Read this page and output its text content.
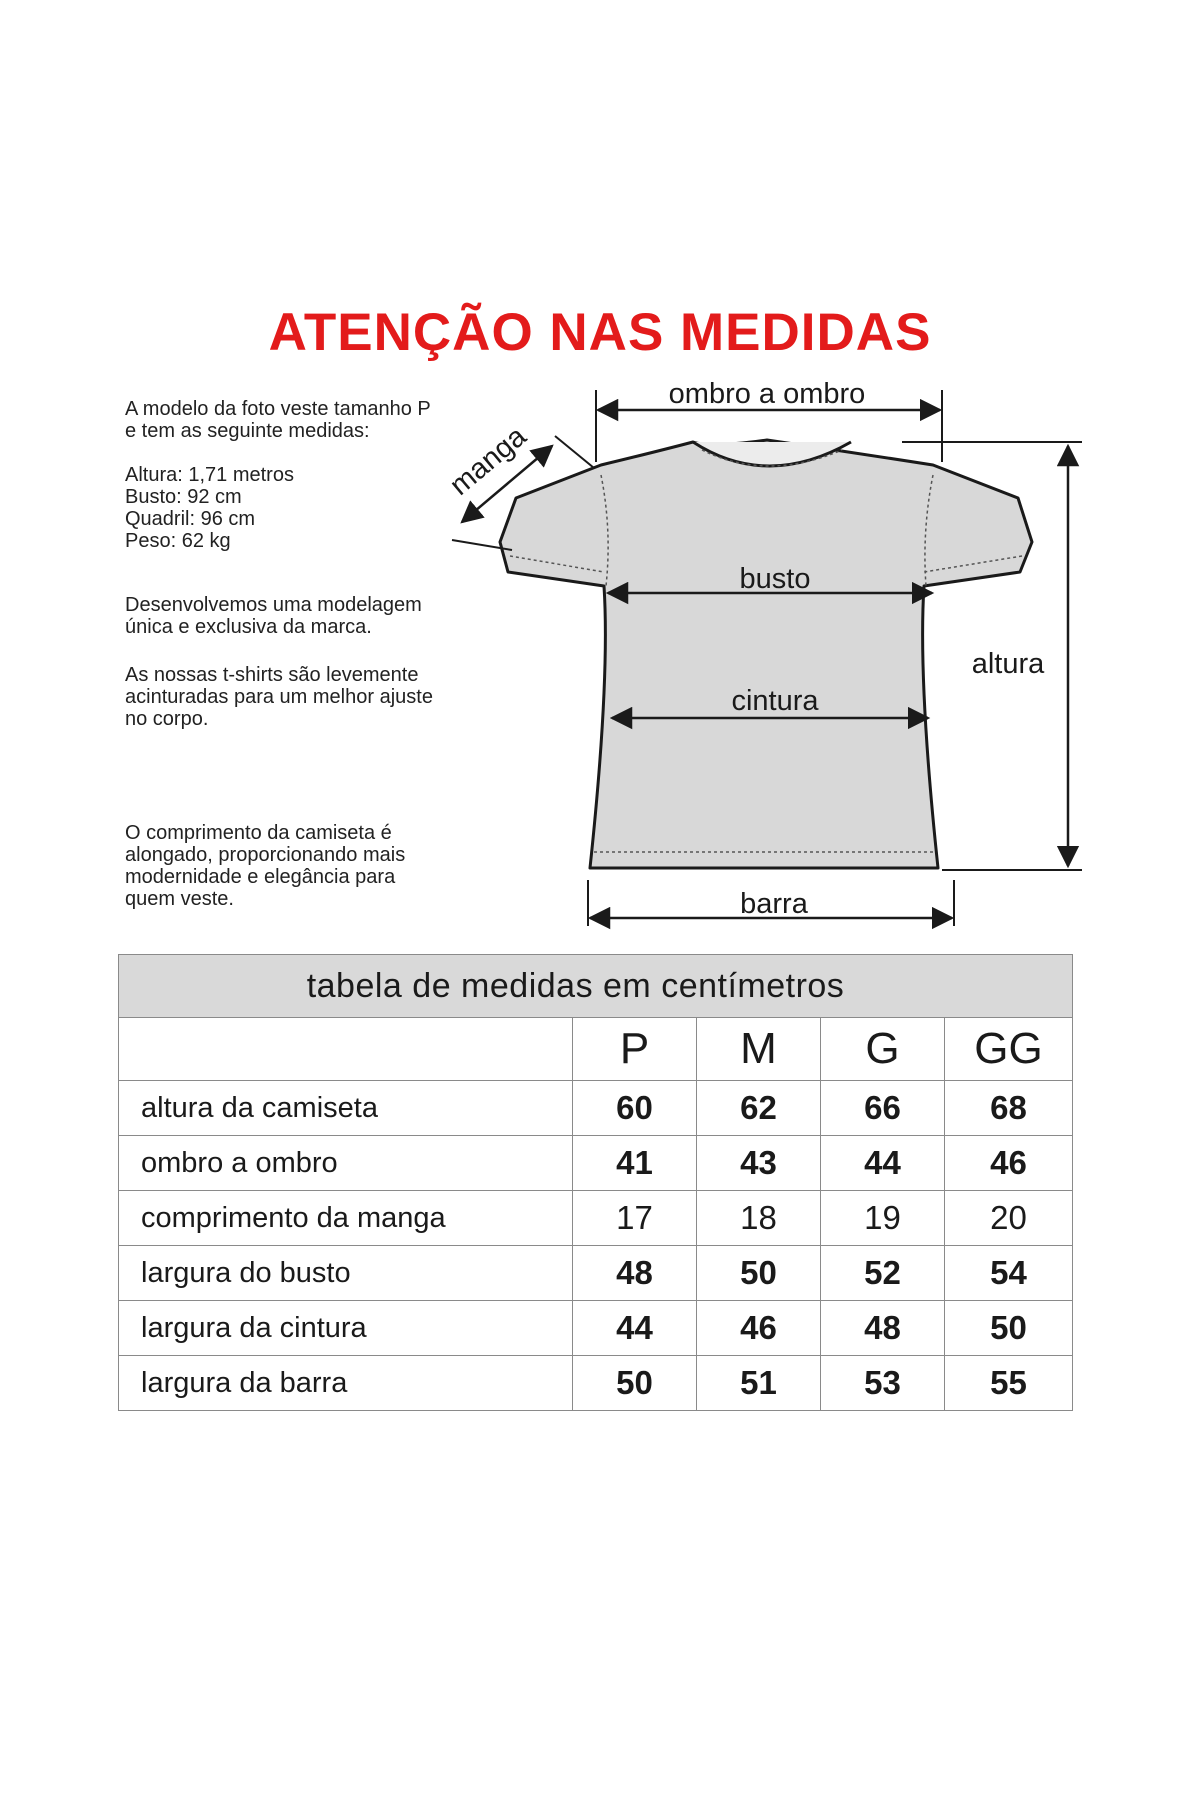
ATENÇÃO NAS MEDIDAS

A modelo da foto veste tamanho P

e tem as seguinte medidas:

Altura: 1,71 metros

Busto: 92 cm

Quadril: 96 cm

Peso: 62 kg

Desenvolvemos uma modelagem

única e exclusiva da marca.

As nossas t-shirts são levemente

acinturadas para um melhor ajuste

no corpo.

O comprimento da camiseta é

alongado, proporcionando mais

modernidade e elegância para

quem veste.

ombro a ombro
manga
busto
cintura
altura
barra
tabela de medidas em centímetros				
	P	M	G	GG
altura da camiseta	60	62	66	68
ombro a ombro	41	43	44	46
comprimento da manga	17	18	19	20
largura do busto	48	50	52	54
largura da cintura	44	46	48	50
largura da barra	50	51	53	55
